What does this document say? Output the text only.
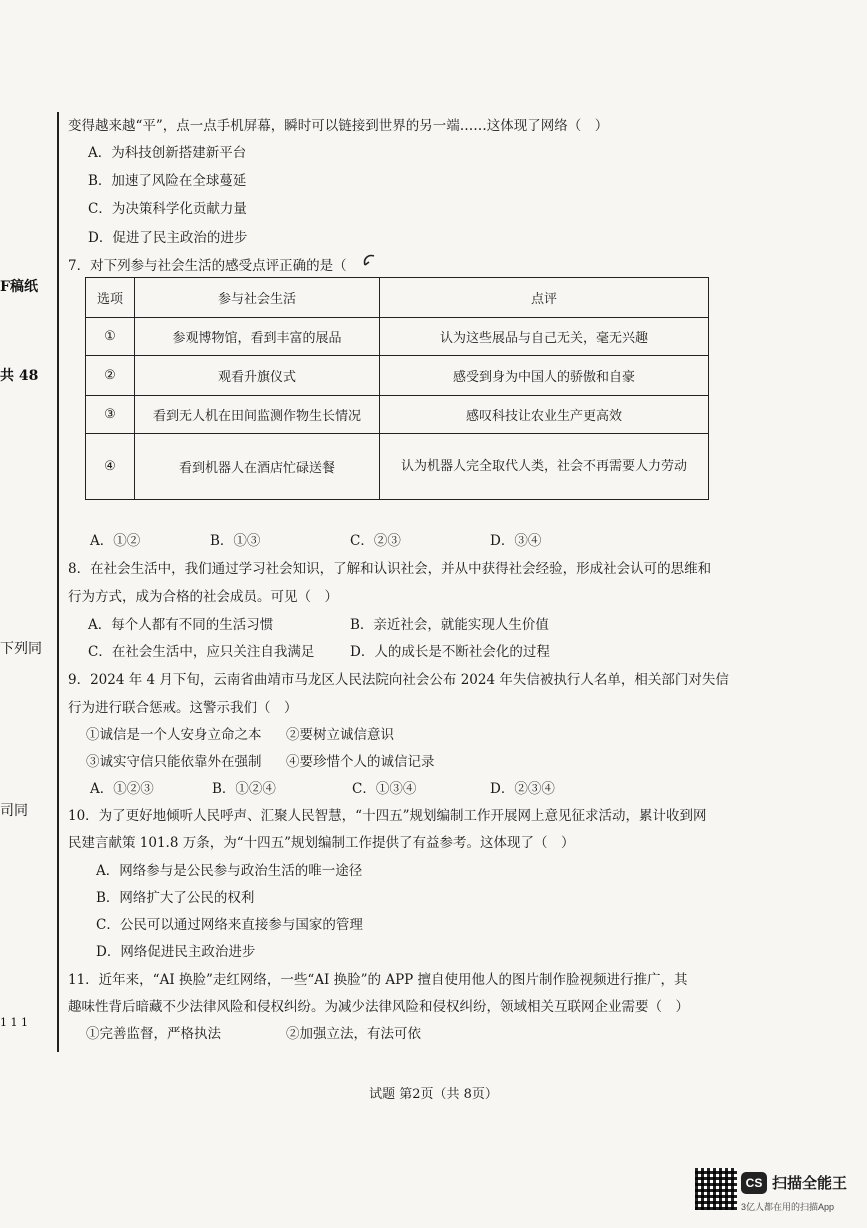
F稿纸
共 48
下列同
司同
1 1 1
变得越来越“平”，点一点手机屏幕，瞬时可以链接到世界的另一端……这体现了网络（　）
A．为科技创新搭建新平台
B．加速了风险在全球蔓延
C．为决策科学化贡献力量
D．促进了民主政治的进步
7．对下列参与社会生活的感受点评正确的是（
选项	参与社会生活	点评
①	参观博物馆，看到丰富的展品	认为这些展品与自己无关，毫无兴趣
②	观看升旗仪式	感受到身为中国人的骄傲和自豪
③	看到无人机在田间监测作物生长情况	感叹科技让农业生产更高效
④	看到机器人在酒店忙碌送餐	认为机器人完全取代人类，社会不再需要人力劳动
A．①②	B．①③	C．②③	D．③④
8．在社会生活中，我们通过学习社会知识，了解和认识社会，并从中获得社会经验，形成社会认可的思维和
行为方式，成为合格的社会成员。可见（　）
A．每个人都有不同的生活习惯	B．亲近社会，就能实现人生价值
C．在社会生活中，应只关注自我满足	D．人的成长是不断社会化的过程
9．2024 年 4 月下旬，云南省曲靖市马龙区人民法院向社会公布 2024 年失信被执行人名单，相关部门对失信
行为进行联合惩戒。这警示我们（　）
①诚信是一个人安身立命之本 ②要树立诚信意识
③诚实守信只能依靠外在强制 ④要珍惜个人的诚信记录
A．①②③	B．①②④	C．①③④	D．②③④
10．为了更好地倾听人民呼声、汇聚人民智慧，“十四五”规划编制工作开展网上意见征求活动，累计收到网
民建言献策 101.8 万条，为“十四五”规划编制工作提供了有益参考。这体现了（　）
A．网络参与是公民参与政治生活的唯一途径
B．网络扩大了公民的权利
C．公民可以通过网络来直接参与国家的管理
D．网络促进民主政治进步
11．近年来，“AI 换脸”走红网络，一些“AI 换脸”的 APP 擅自使用他人的图片制作脸视频进行推广，其
趣味性背后暗藏不少法律风险和侵权纠纷。为减少法律风险和侵权纠纷，领域相关互联网企业需要（　）
①完善监督，严格执法	②加强立法，有法可依
试题 第2页（共 8页）
CS 扫描全能王
3亿人都在用的扫描App
